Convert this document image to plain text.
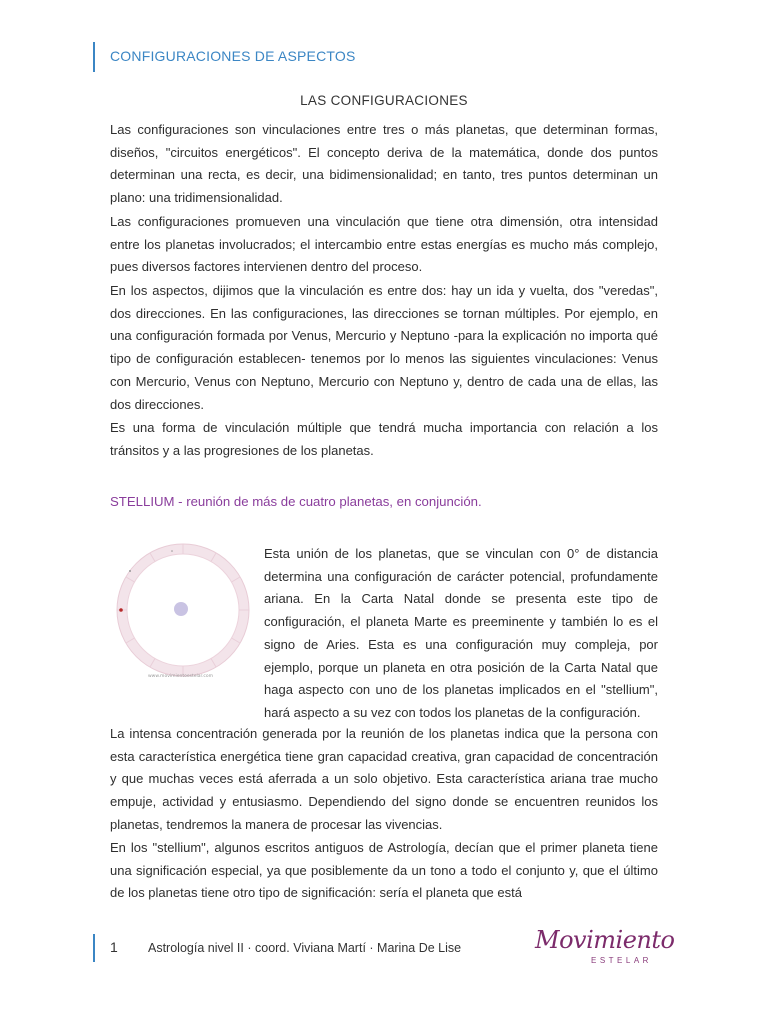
CONFIGURACIONES DE ASPECTOS
LAS CONFIGURACIONES

Las configuraciones son vinculaciones entre tres o más planetas, que determinan formas, diseños, "circuitos energéticos". El concepto deriva de la matemática, donde dos puntos determinan una recta, es decir, una bidimensionalidad; en tanto, tres puntos determinan un plano: una tridimensionalidad.

Las configuraciones promueven una vinculación que tiene otra dimensión, otra intensidad entre los planetas involucrados; el intercambio entre estas energías es mucho más complejo, pues diversos factores intervienen dentro del proceso.

En los aspectos, dijimos que la vinculación es entre dos: hay un ida y vuelta, dos "veredas", dos direcciones. En las configuraciones, las direcciones se tornan múltiples. Por ejemplo, en una configuración formada por Venus, Mercurio y Neptuno -para la explicación no importa qué tipo de configuración establecen- tenemos por lo menos las siguientes vinculaciones: Venus con Mercurio, Venus con Neptuno, Mercurio con Neptuno y, dentro de cada una de ellas, las dos direcciones.

Es una forma de vinculación múltiple que tendrá mucha importancia con relación a los tránsitos y a las progresiones de los planetas.

STELLIUM - reunión de más de cuatro planetas, en conjunción.
www.movimientoestelar.com

Esta unión de los planetas, que se vinculan con 0° de distancia determina una configuración de carácter potencial, profundamente ariana. En la Carta Natal donde se presenta este tipo de configuración, el planeta Marte es preeminente y también lo es el signo de Aries. Esta es una configuración muy compleja, por ejemplo, porque un planeta en otra posición de la Carta Natal que haga aspecto con uno de los planetas implicados en el "stellium", hará aspecto a su vez con todos los planetas de la configuración.

La intensa concentración generada por la reunión de los planetas indica que la persona con esta característica energética tiene gran capacidad creativa, gran capacidad de concentración y que muchas veces está aferrada a un solo objetivo. Esta característica ariana trae mucho empuje, actividad y entusiasmo. Dependiendo del signo donde se encuentren reunidos los planetas, tendremos la manera de procesar las vivencias.

En los "stellium", algunos escritos antiguos de Astrología, decían que el primer planeta tiene una significación especial, ya que posiblemente da un tono a todo el conjunto y, que el último de los planetas tiene otro tipo de significación: sería el planeta que está

1 Astrología nivel II · coord. Viviana Martí · Marina De Lise	Movimiento
ESTELAR
